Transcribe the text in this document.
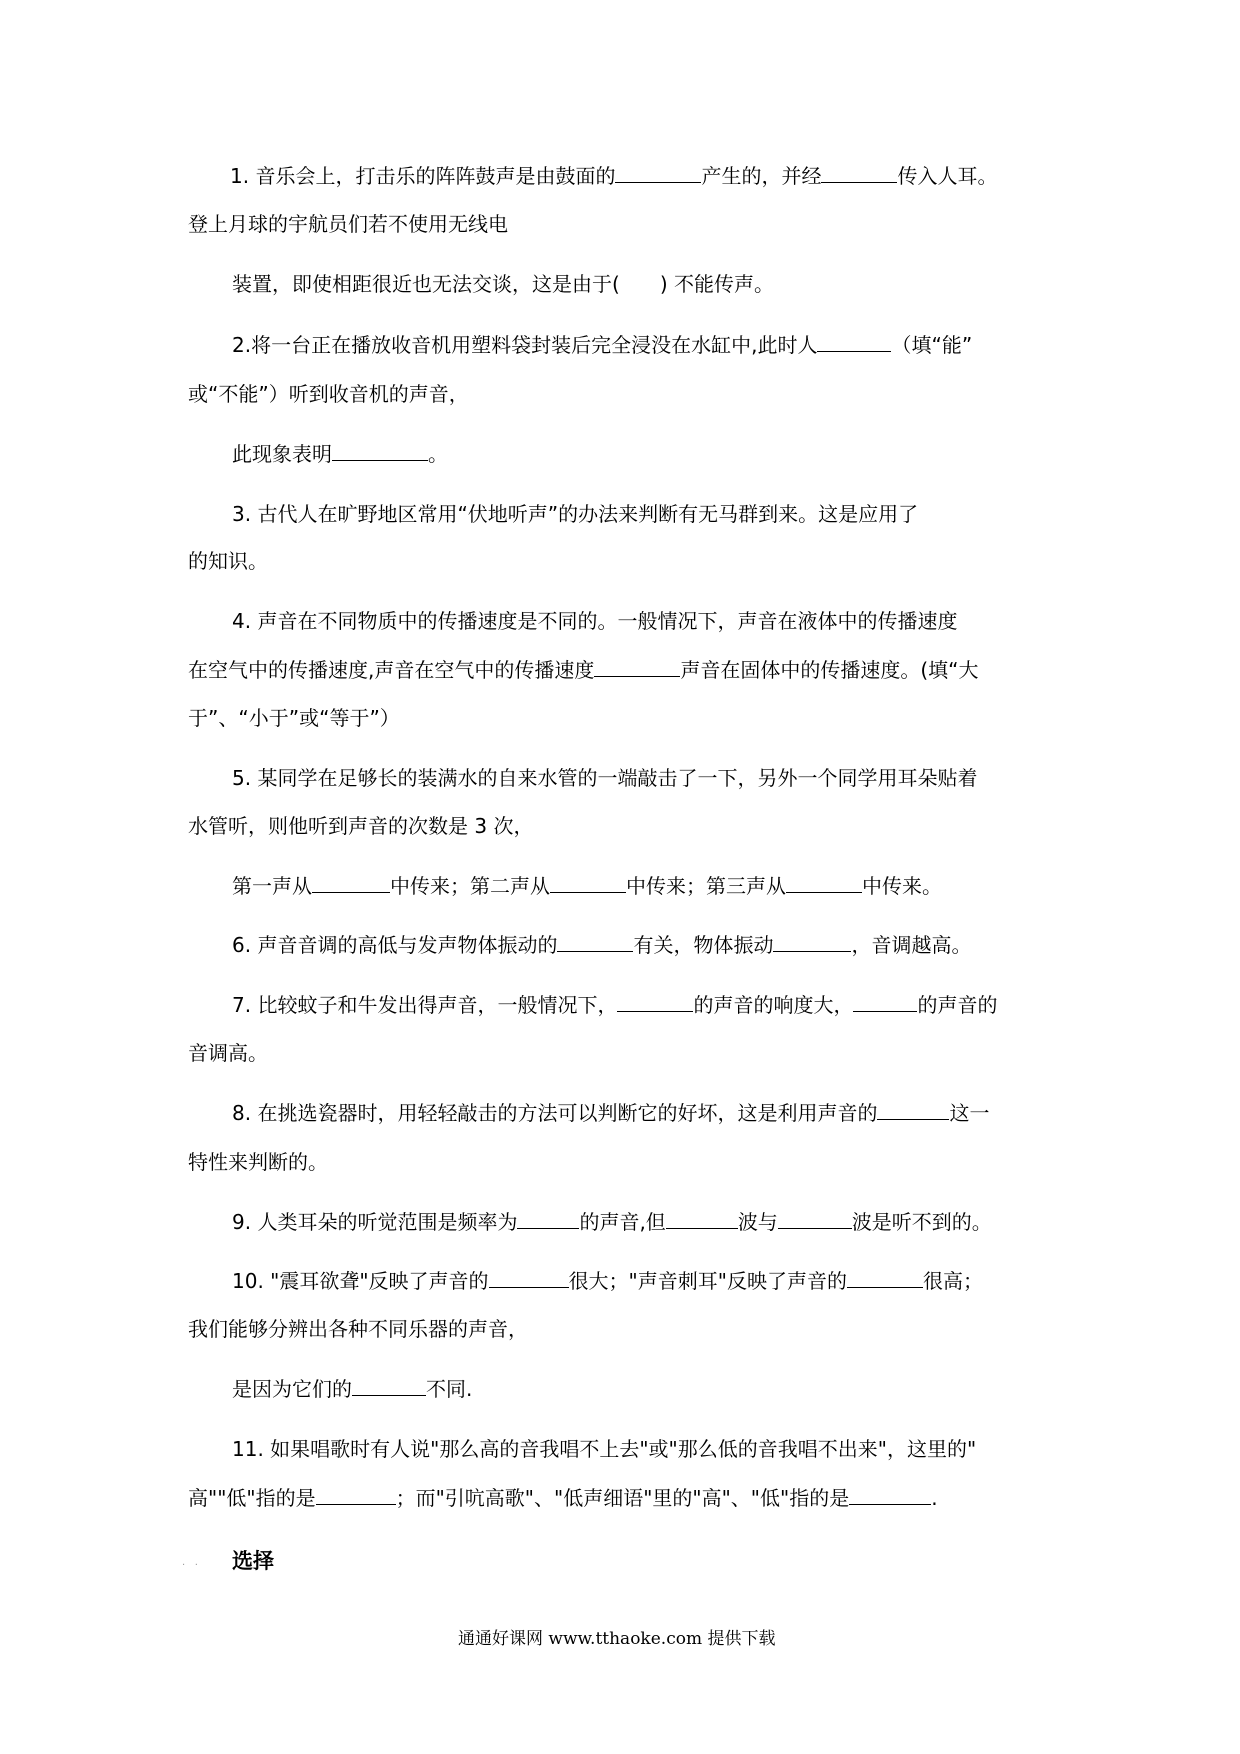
1. 音乐会上，打击乐的阵阵鼓声是由鼓面的	产生的，并经	传入人耳。
登上月球的宇航员们若不使用无线电
装置，即使相距很近也无法交谈，这是由于( ) 不能传声。
2.将一台正在播放收音机用塑料袋封装后完全浸没在水缸中,此时人	（填“能”
或“不能”）听到收音机的声音，
此现象表明	。
3. 古代人在旷野地区常用“伏地听声”的办法来判断有无马群到来。这是应用了
的知识。
4. 声音在不同物质中的传播速度是不同的。一般情况下，声音在液体中的传播速度
在空气中的传播速度,声音在空气中的传播速度	声音在固体中的传播速度。(填“大
于”、“小于”或“等于”）
5. 某同学在足够长的装满水的自来水管的一端敲击了一下，另外一个同学用耳朵贴着
水管听，则他听到声音的次数是 3 次，
第一声从	中传来；第二声从	中传来；第三声从	中传来。
6. 声音音调的高低与发声物体振动的	有关，物体振动	，音调越高。
7. 比较蚊子和牛发出得声音，一般情况下，	的声音的响度大，	的声音的
音调高。
8. 在挑选瓷器时，用轻轻敲击的方法可以判断它的好坏，这是利用声音的	这一
特性来判断的。
9. 人类耳朵的听觉范围是频率为	的声音,但	波与	波是听不到的。
10. "震耳欲聋"反映了声音的	很大；"声音刺耳"反映了声音的	很高；
我们能够分辨出各种不同乐器的声音，
是因为它们的	不同.
11. 如果唱歌时有人说"那么高的音我唱不上去"或"那么低的音我唱不出来"，这里的"
高""低"指的是	；而"引吭高歌"、"低声细语"里的"高"、"低"指的是	.
·   · 选择
通通好课网 www.tthaoke.com 提供下载
